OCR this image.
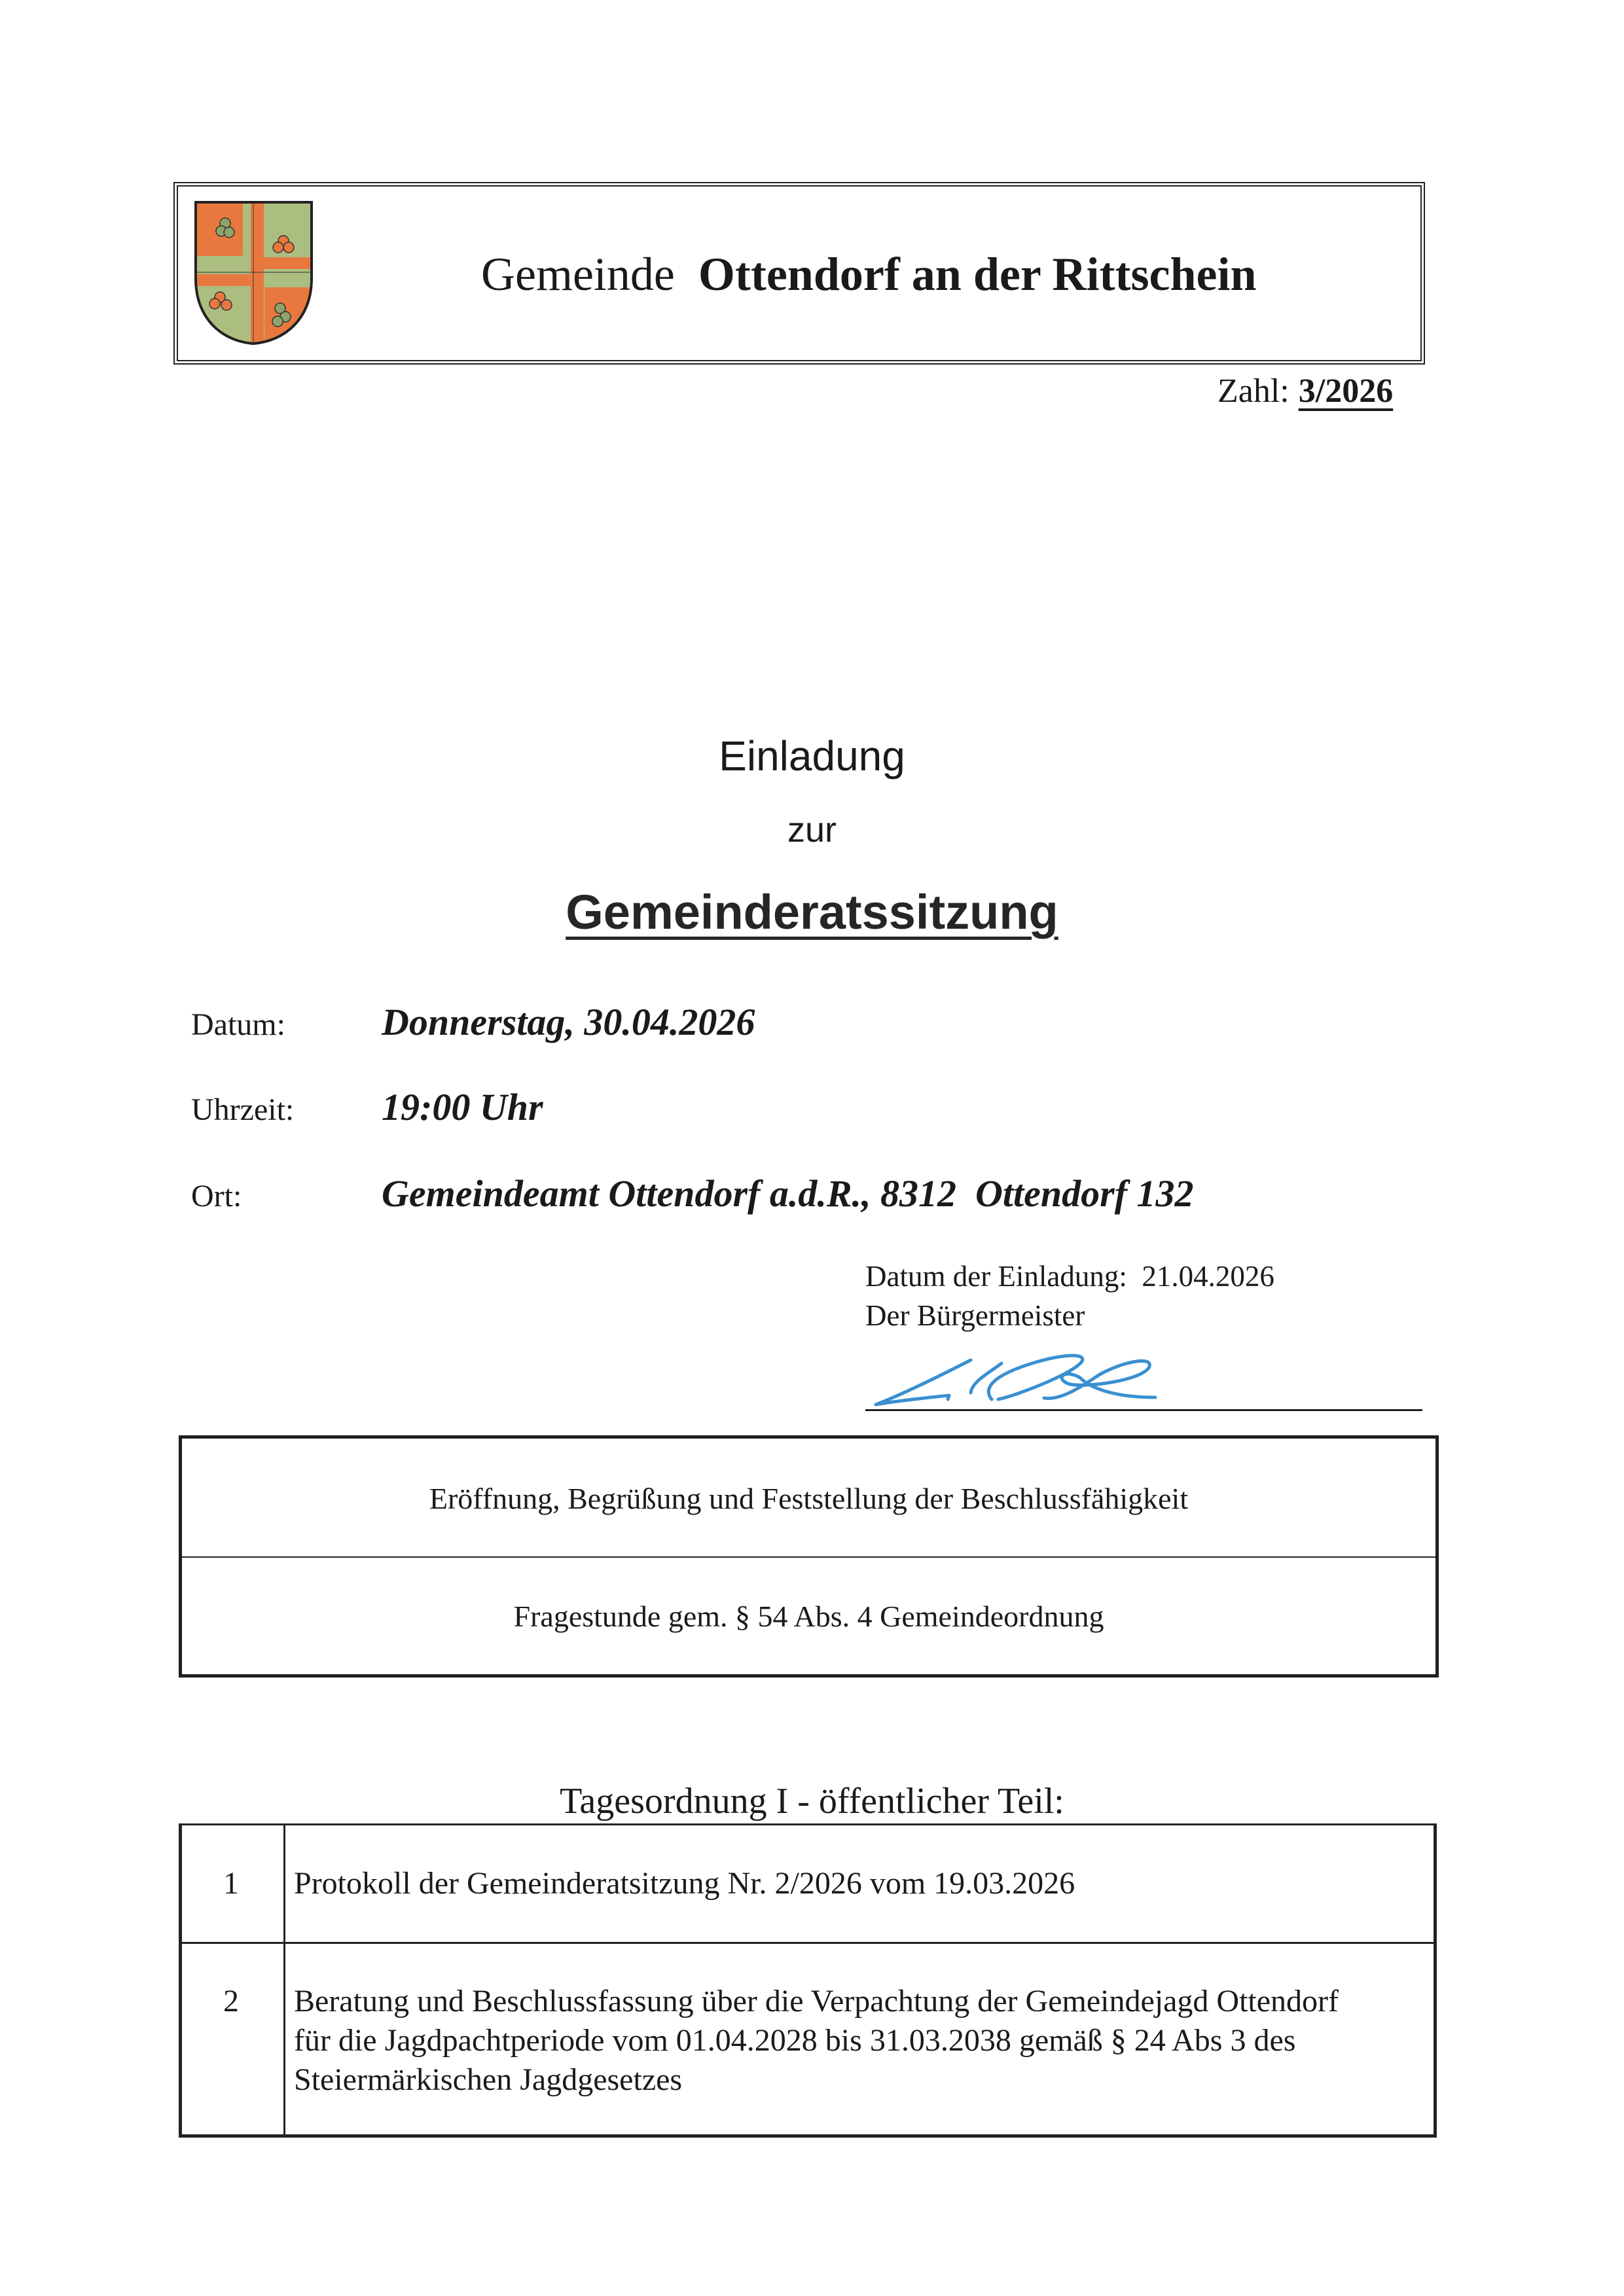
Gemeinde Ottendorf an der Rittschein
Zahl: 3/2026
Einladung
zur
Gemeinderatssitzung
Datum:	Donnerstag, 30.04.2026
Uhrzeit: 19:00 Uhr
Ort:	Gemeindeamt Ottendorf a.d.R., 8312  Ottendorf 132
Datum der Einladung:  21.04.2026
Der Bürgermeister
Eröffnung, Begrüßung und Feststellung der Beschlussfähigkeit
Fragestunde gem. § 54 Abs. 4 Gemeindeordnung
Tagesordnung I - öffentlicher Teil:
1	Protokoll der Gemeinderatsitzung Nr. 2/2026 vom 19.03.2026
2	Beratung und Beschlussfassung über die Verpachtung der Gemeindejagd Ottendorf
für die Jagdpachtperiode vom 01.04.2028 bis 31.03.2038 gemäß § 24 Abs 3 des
Steiermärkischen Jagdgesetzes
